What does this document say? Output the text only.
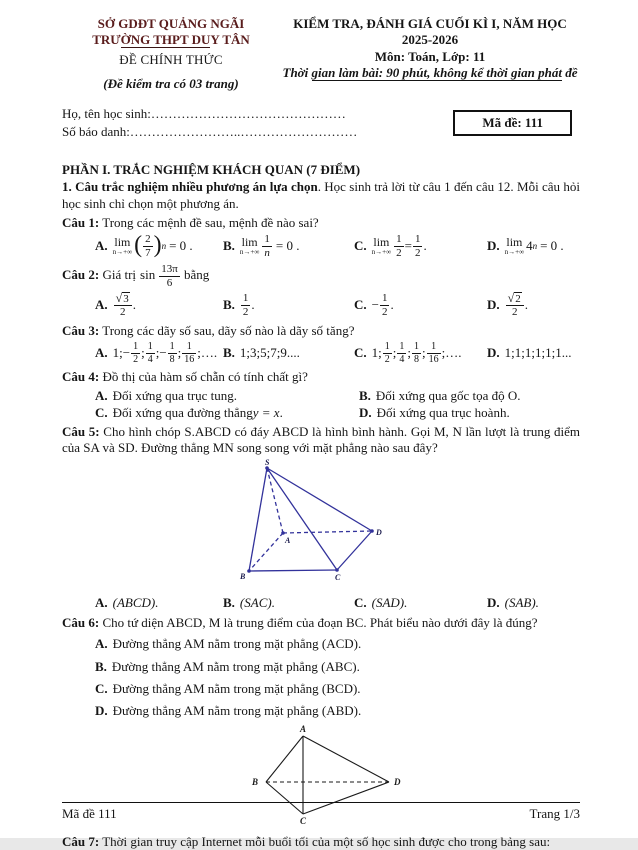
SỞ GDĐT QUẢNG NGÃI
TRƯỜNG THPT DUY TÂN
ĐỀ CHÍNH THỨC
(Đề kiểm tra có 03 trang)
KIỂM TRA, ĐÁNH GIÁ CUỐI KÌ I, NĂM HỌC 2025-2026
Môn: Toán, Lớp: 11
Thời gian làm bài: 90 phút, không kể thời gian phát đề

Họ, tên học sinh:………………………………………

Số báo danh:……………………..………………………

Mã đề: 111
PHẦN I. TRẮC NGHIỆM KHÁCH QUAN (7 ĐIỂM)

1. Câu trắc nghiệm nhiều phương án lựa chọn. Học sinh trả lời từ câu 1 đến câu 12. Mỗi câu hỏi học sinh chỉ chọn một phương án.

Câu 1: Trong các mệnh đề sau, mệnh đề nào sai?

A. lim
n→+∞ ( $\frac{2}{7}$ ) n = 0 . B. lim
$n\to+\infty \frac{1}{n} = 0$ .	C. lim
$n\to+\infty \frac{1}{2} = \frac{1}{2}$ .	D. lim
n→+∞ 4 n = 0 .

Câu 2: Giá trị $\sin \frac{13\pi}{6}$ bằng

A. $\frac{√3}{2}$ .	B. $\frac{1}{2}$ .	C. − $\frac{1}{2}$ .	D. $\frac{√2}{2}$ .

Câu 3: Trong các dãy số sau, dãy số nào là dãy số tăng?

A. 1;− $\frac{1}{2}$ ; $\frac{1}{4}$ ;− $\frac{1}{8}$ ; $\frac{1}{16}$ ;…. B. 1;3;5;7;9....	C. 1; $\frac{1}{2}$ ; $\frac{1}{4}$ ; $\frac{1}{8}$ ; $\frac{1}{16}$ ;…. D. 1;1;1;1;1;1...

Câu 4: Đồ thị của hàm số chẵn có tính chất gì?

A. Đối xứng qua trục tung.	B. Đối xứng qua gốc tọa độ O.
C. Đối xứng qua đường thẳng y = x .	D. Đối xứng qua trục hoành.

Câu 5: Cho hình chóp S.ABCD có đáy ABCD là hình bình hành. Gọi M, N lần lượt là trung điểm của SA và SD. Đường thẳng MN song song với mặt phẳng nào sau đây?

S
A
B	C
D
A. (ABCD).	B. (SAC).	C. (SAD).	D. (SAB).

Câu 6: Cho tứ diện ABCD, M là trung điểm của đoạn BC. Phát biểu nào dưới đây là đúng?

A. Đường thẳng AM nằm trong mặt phẳng (ACD).

B. Đường thẳng AM nằm trong mặt phẳng (ABC).

C. Đường thẳng AM nằm trong mặt phẳng (BCD).

D. Đường thẳng AM nằm trong mặt phẳng (ABD).
A
B	D
C

Câu 7: Thời gian truy cập Internet mỗi buổi tối của một số học sinh được cho trong bảng sau:

Mã đề 111	Trang 1/3
